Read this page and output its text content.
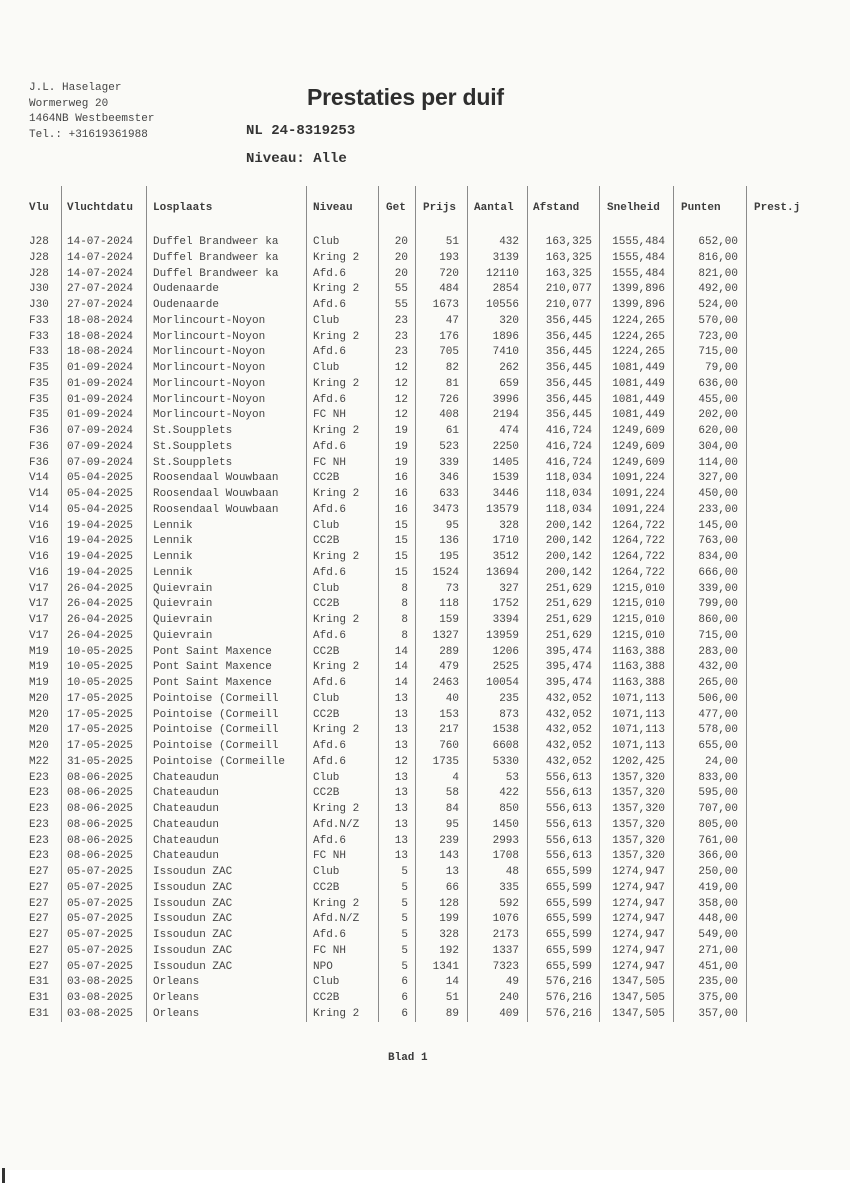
J.L. Haselager
Wormerweg 20
1464NB Westbeemster
Tel.: +31619361988
Prestaties per duif
NL 24-8319253
Niveau: Alle
Vlu Vluchtdatu Losplaats	Niveau	Get Prijs Aantal Afstand	Snelheid Punten	Prest.j
J28 14-07-2024 Duffel Brandweer ka	Club	20	51	432 163,325 1555,484	652,00
J28 14-07-2024 Duffel Brandweer ka	Kring 2	20	193	3139 163,325 1555,484	816,00
J28 14-07-2024 Duffel Brandweer ka	Afd.6	20	720 12110 163,325 1555,484	821,00
J30 27-07-2024 Oudenaarde	Kring 2	55	484	2854 210,077 1399,896	492,00
J30 27-07-2024 Oudenaarde	Afd.6	55 1673 10556 210,077 1399,896	524,00
F33 18-08-2024 Morlincourt-Noyon	Club	23	47	320 356,445 1224,265	570,00
F33 18-08-2024 Morlincourt-Noyon	Kring 2	23	176	1896 356,445 1224,265	723,00
F33 18-08-2024 Morlincourt-Noyon	Afd.6	23	705	7410 356,445 1224,265	715,00
F35 01-09-2024 Morlincourt-Noyon	Club	12	82	262 356,445 1081,449	79,00
F35 01-09-2024 Morlincourt-Noyon	Kring 2	12	81	659 356,445 1081,449	636,00
F35 01-09-2024 Morlincourt-Noyon	Afd.6	12	726	3996 356,445 1081,449	455,00
F35 01-09-2024 Morlincourt-Noyon	FC NH	12	408	2194 356,445 1081,449	202,00
F36 07-09-2024 St.Soupplets	Kring 2	19	61	474 416,724 1249,609	620,00
F36 07-09-2024 St.Soupplets	Afd.6	19	523	2250 416,724 1249,609	304,00
F36 07-09-2024 St.Soupplets	FC NH	19	339	1405 416,724 1249,609	114,00
V14 05-04-2025 Roosendaal Wouwbaan	CC2B	16	346	1539 118,034 1091,224	327,00
V14 05-04-2025 Roosendaal Wouwbaan	Kring 2	16	633	3446 118,034 1091,224	450,00
V14 05-04-2025 Roosendaal Wouwbaan	Afd.6	16 3473 13579 118,034 1091,224	233,00
V16 19-04-2025 Lennik	Club	15	95	328 200,142 1264,722	145,00
V16 19-04-2025 Lennik	CC2B	15	136	1710 200,142 1264,722	763,00
V16 19-04-2025 Lennik	Kring 2	15	195	3512 200,142 1264,722	834,00
V16 19-04-2025 Lennik	Afd.6	15 1524 13694 200,142 1264,722	666,00
V17 26-04-2025 Quievrain	Club	8	73	327 251,629 1215,010	339,00
V17 26-04-2025 Quievrain	CC2B	8	118	1752 251,629 1215,010	799,00
V17 26-04-2025 Quievrain	Kring 2	8	159	3394 251,629 1215,010	860,00
V17 26-04-2025 Quievrain	Afd.6	8 1327 13959 251,629 1215,010	715,00
M19 10-05-2025 Pont Saint Maxence	CC2B	14	289	1206 395,474 1163,388	283,00
M19 10-05-2025 Pont Saint Maxence	Kring 2	14	479	2525 395,474 1163,388	432,00
M19 10-05-2025 Pont Saint Maxence	Afd.6	14 2463 10054 395,474 1163,388	265,00
M20 17-05-2025 Pointoise (Cormeill	Club	13	40	235 432,052 1071,113	506,00
M20 17-05-2025 Pointoise (Cormeill	CC2B	13	153	873 432,052 1071,113	477,00
M20 17-05-2025 Pointoise (Cormeill	Kring 2	13	217	1538 432,052 1071,113	578,00
M20 17-05-2025 Pointoise (Cormeill	Afd.6	13	760	6608 432,052 1071,113	655,00
M22 31-05-2025 Pointoise (Cormeille	Afd.6	12 1735	5330 432,052 1202,425	24,00
E23 08-06-2025 Chateaudun	Club	13	4	53 556,613 1357,320	833,00
E23 08-06-2025 Chateaudun	CC2B	13	58	422 556,613 1357,320	595,00
E23 08-06-2025 Chateaudun	Kring 2	13	84	850 556,613 1357,320	707,00
E23 08-06-2025 Chateaudun	Afd.N/Z	13	95	1450 556,613 1357,320	805,00
E23 08-06-2025 Chateaudun	Afd.6	13	239	2993 556,613 1357,320	761,00
E23 08-06-2025 Chateaudun	FC NH	13	143	1708 556,613 1357,320	366,00
E27 05-07-2025 Issoudun ZAC	Club	5	13	48 655,599 1274,947	250,00
E27 05-07-2025 Issoudun ZAC	CC2B	5	66	335 655,599 1274,947	419,00
E27 05-07-2025 Issoudun ZAC	Kring 2	5	128	592 655,599 1274,947	358,00
E27 05-07-2025 Issoudun ZAC	Afd.N/Z	5	199	1076 655,599 1274,947	448,00
E27 05-07-2025 Issoudun ZAC	Afd.6	5	328	2173 655,599 1274,947	549,00
E27 05-07-2025 Issoudun ZAC	FC NH	5	192	1337 655,599 1274,947	271,00
E27 05-07-2025 Issoudun ZAC	NPO	5 1341	7323 655,599 1274,947	451,00
E31 03-08-2025 Orleans	Club	6	14	49 576,216 1347,505	235,00
E31 03-08-2025 Orleans	CC2B	6	51	240 576,216 1347,505	375,00
E31 03-08-2025 Orleans	Kring 2	6	89	409 576,216 1347,505	357,00
Blad 1
